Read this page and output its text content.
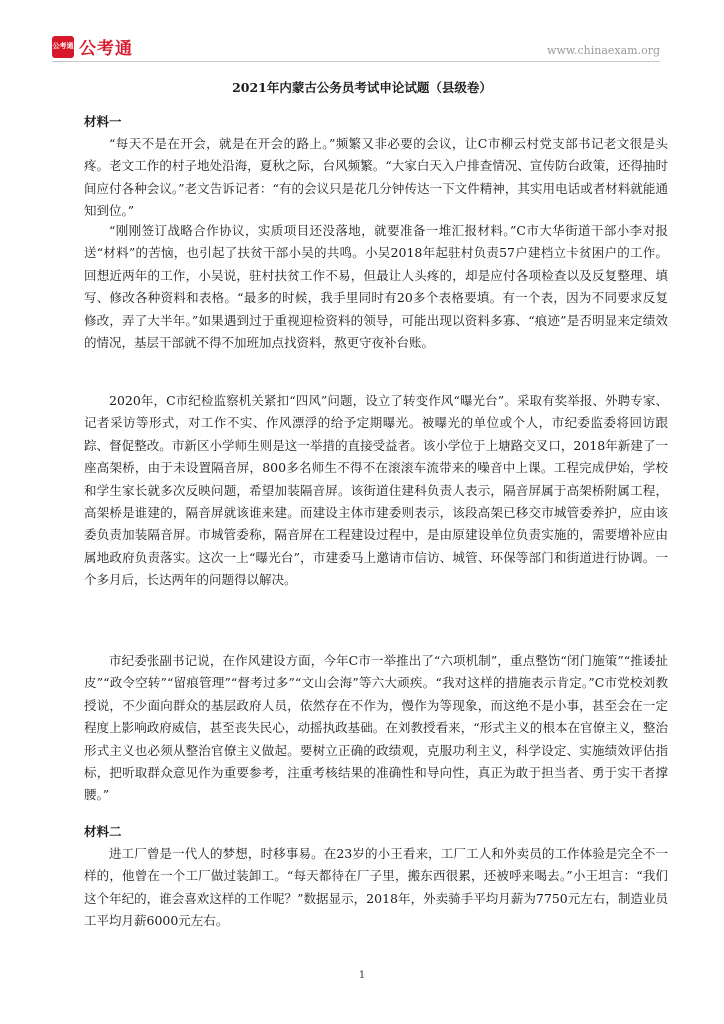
公考通 公考通	www.chinaexam.org
2021年内蒙古公务员考试申论试题（县级卷）
材料一

“每天不是在开会，就是在开会的路上。”频繁又非必要的会议，让C市柳云村党支部书记老文很是头疼。老文工作的村子地处沿海，夏秋之际，台风频繁。“大家白天入户排查情况、宣传防台政策，还得抽时间应付各种会议。”老文告诉记者：“有的会议只是花几分钟传达一下文件精神，其实用电话或者材料就能通知到位。”

“刚刚签订战略合作协议，实质项目还没落地，就要准备一堆汇报材料。”C市大华街道干部小李对报送“材料”的苦恼，也引起了扶贫干部小吴的共鸣。小吴2018年起驻村负责57户建档立卡贫困户的工作。回想近两年的工作，小吴说，驻村扶贫工作不易，但最让人头疼的，却是应付各项检查以及反复整理、填写、修改各种资料和表格。“最多的时候，我手里同时有20多个表格要填。有一个表，因为不同要求反复修改，弄了大半年。”如果遇到过于重视迎检资料的领导，可能出现以资料多寡、“痕迹”是否明显来定绩效的情况，基层干部就不得不加班加点找资料，熬更守夜补台账。

2020年，C市纪检监察机关紧扣“四风”问题，设立了转变作风“曝光台”。采取有奖举报、外聘专家、记者采访等形式，对工作不实、作风漂浮的给予定期曝光。被曝光的单位或个人，市纪委监委将回访跟踪、督促整改。市新区小学师生则是这一举措的直接受益者。该小学位于上塘路交叉口，2018年新建了一座高架桥，由于未设置隔音屏，800多名师生不得不在滚滚车流带来的噪音中上课。工程完成伊始，学校和学生家长就多次反映问题，希望加装隔音屏。该街道住建科负责人表示，隔音屏属于高架桥附属工程，高架桥是谁建的，隔音屏就该谁来建。而建设主体市建委则表示，该段高架已移交市城管委养护，应由该委负责加装隔音屏。市城管委称，隔音屏在工程建设过程中，是由原建设单位负责实施的，需要增补应由属地政府负责落实。这次一上“曝光台”，市建委马上邀请市信访、城管、环保等部门和街道进行协调。一个多月后，长达两年的问题得以解决。

市纪委张副书记说，在作风建设方面，今年C市一举推出了“六项机制”，重点整饬“闭门施策”“推诿扯皮”“政令空转”“留痕管理”“督考过多”“文山会海”等六大顽疾。“我对这样的措施表示肯定。”C市党校刘教授说，不少面向群众的基层政府人员，依然存在不作为，慢作为等现象，而这绝不是小事，甚至会在一定程度上影响政府威信，甚至丧失民心，动摇执政基础。在刘教授看来，“形式主义的根本在官僚主义，整治形式主义也必须从整治官僚主义做起。要树立正确的政绩观，克服功利主义，科学设定、实施绩效评估指标，把听取群众意见作为重要参考，注重考核结果的准确性和导向性，真正为敢于担当者、勇于实干者撑腰。”

材料二

进工厂曾是一代人的梦想，时移事易。在23岁的小王看来，工厂工人和外卖员的工作体验是完全不一样的，他曾在一个工厂做过装卸工。“每天都待在厂子里，搬东西很累，还被呼来喝去。”小王坦言：“我们这个年纪的，谁会喜欢这样的工作呢？”数据显示，2018年，外卖骑手平均月薪为7750元左右，制造业员工平均月薪6000元左右。

1
